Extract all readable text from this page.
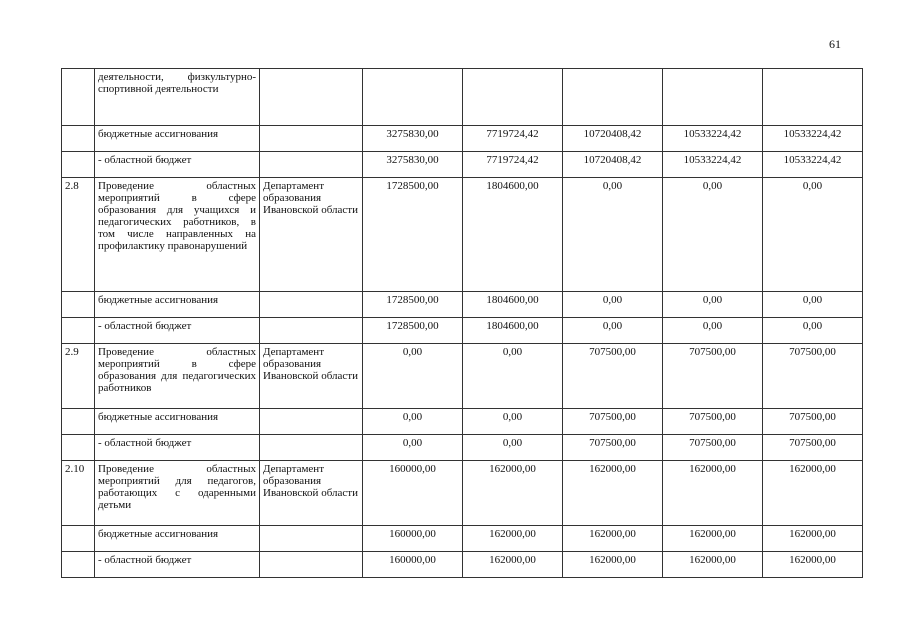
61
	деятельности, физкультурно-спортивной деятельности						
	бюджетные ассигнования		3275830,00	7719724,42	10720408,42	10533224,42	10533224,42
	- областной бюджет		3275830,00	7719724,42	10720408,42	10533224,42	10533224,42
2.8	Проведение областных мероприятий в сфере образования для учащихся и педагогических работников, в том числе направленных на профилактику правонарушений	Департамент образования Ивановской области	1728500,00	1804600,00	0,00	0,00	0,00
	бюджетные ассигнования		1728500,00	1804600,00	0,00	0,00	0,00
	- областной бюджет		1728500,00	1804600,00	0,00	0,00	0,00
2.9	Проведение областных мероприятий в сфере образования для педагогических работников	Департамент образования Ивановской области	0,00	0,00	707500,00	707500,00	707500,00
	бюджетные ассигнования		0,00	0,00	707500,00	707500,00	707500,00
	- областной бюджет		0,00	0,00	707500,00	707500,00	707500,00
2.10	Проведение областных мероприятий для педагогов, работающих с одаренными детьми	Департамент образования Ивановской области	160000,00	162000,00	162000,00	162000,00	162000,00
	бюджетные ассигнования		160000,00	162000,00	162000,00	162000,00	162000,00
	- областной бюджет		160000,00	162000,00	162000,00	162000,00	162000,00
